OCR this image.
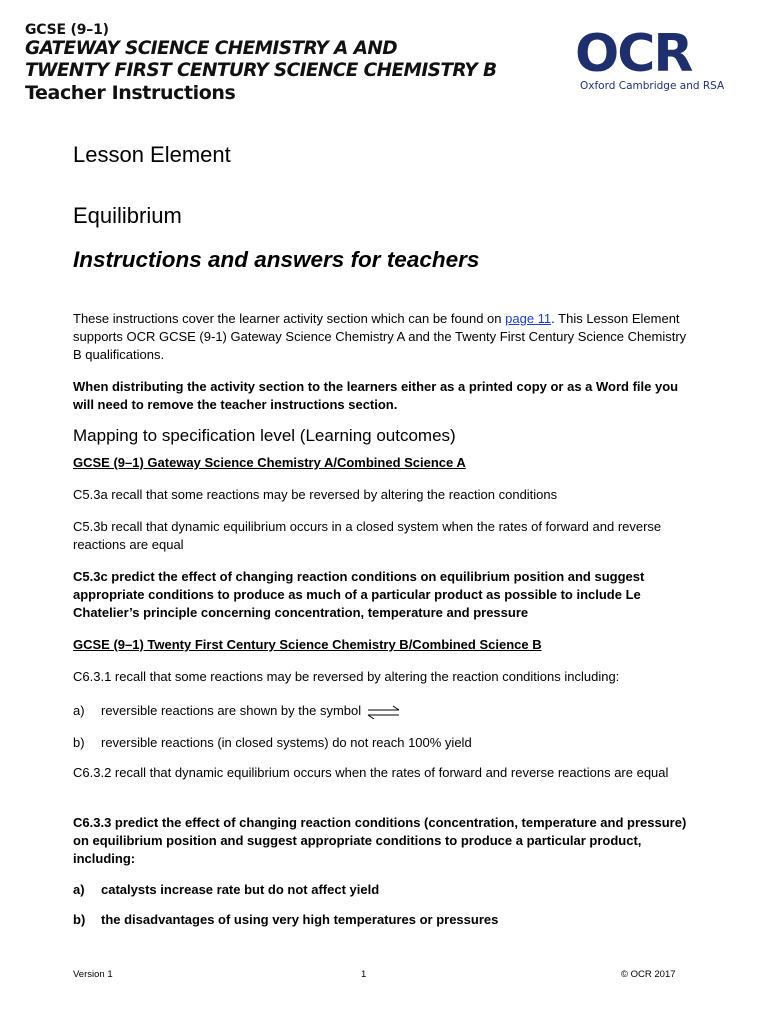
GCSE (9–1)
GATEWAY SCIENCE CHEMISTRY A AND
TWENTY FIRST CENTURY SCIENCE CHEMISTRY B
Teacher Instructions
OCR
Oxford Cambridge and RSA
Lesson Element
Equilibrium
Instructions and answers for teachers
These instructions cover the learner activity section which can be found on page 11. This Lesson Element supports OCR GCSE (9-1) Gateway Science Chemistry A and the Twenty First Century Science Chemistry B qualifications.
When distributing the activity section to the learners either as a printed copy or as a Word file you will need to remove the teacher instructions section.
Mapping to specification level (Learning outcomes)
GCSE (9–1) Gateway Science Chemistry A/Combined Science A
C5.3a recall that some reactions may be reversed by altering the reaction conditions
C5.3b recall that dynamic equilibrium occurs in a closed system when the rates of forward and reverse reactions are equal
C5.3c predict the effect of changing reaction conditions on equilibrium position and suggest appropriate conditions to produce as much of a particular product as possible to include Le Chatelier’s principle concerning concentration, temperature and pressure
GCSE (9–1) Twenty First Century Science Chemistry B/Combined Science B
C6.3.1 recall that some reactions may be reversed by altering the reaction conditions including:
a)	reversible reactions are shown by the symbol ⇌
b)	reversible reactions (in closed systems) do not reach 100% yield
C6.3.2 recall that dynamic equilibrium occurs when the rates of forward and reverse reactions are equal
C6.3.3 predict the effect of changing reaction conditions (concentration, temperature and pressure) on equilibrium position and suggest appropriate conditions to produce a particular product, including:
a)	catalysts increase rate but do not affect yield
b)	the disadvantages of using very high temperatures or pressures
Version 1	1	© OCR 2017
